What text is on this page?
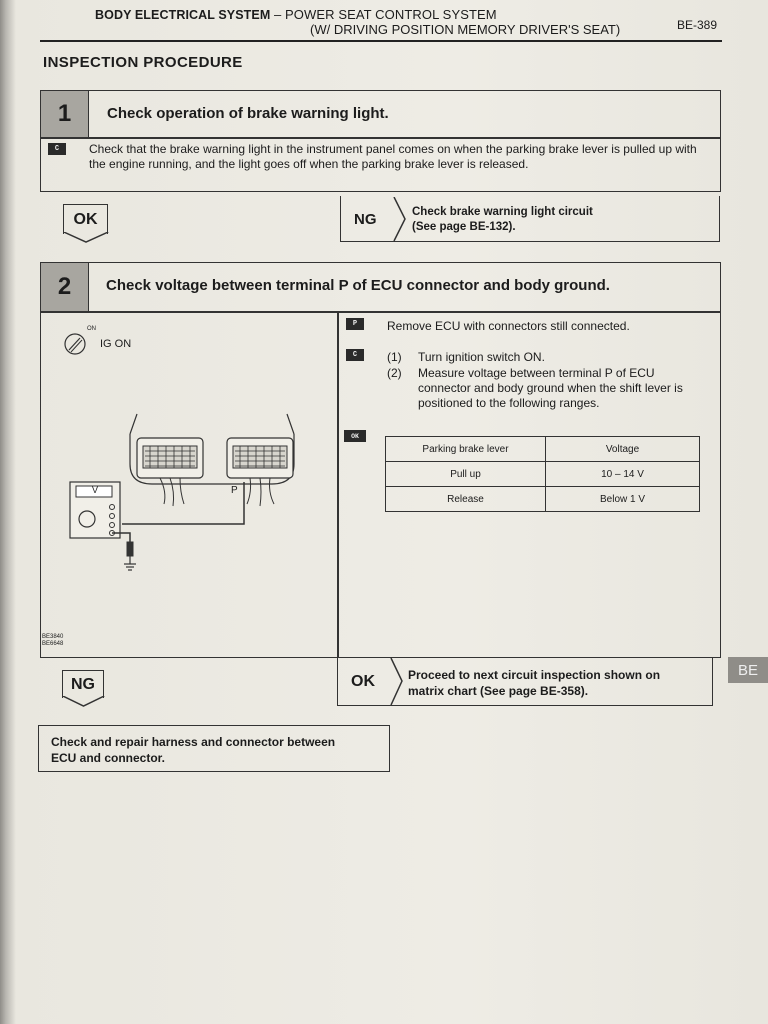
BODY ELECTRICAL SYSTEM – POWER SEAT CONTROL SYSTEM
(W/ DRIVING POSITION MEMORY DRIVER'S SEAT)	BE-389
INSPECTION PROCEDURE
1	Check operation of brake warning light.
C	Check that the brake warning light in the instrument panel comes on when the parking brake lever is pulled up with the engine running, and the light goes off when the parking brake lever is released.
OK	NG	Check brake warning light circuit
(See page BE-132).
2	Check voltage between terminal P of ECU connector and body ground.
ON
IG ON
P
V
BE3840
BE6648
P	Remove ECU with connectors still connected.
C	(1)	Turn ignition switch ON.
(2)	Measure voltage between terminal P of ECU connector and body ground when the shift lever is positioned to the following ranges.
OK
Parking brake lever	Voltage
Pull up	10 – 14 V
Release	Below 1 V
NG	OK	Proceed to next circuit inspection shown on
matrix chart (See page BE-358).
Check and repair harness and connector between
ECU and connector.
BE
